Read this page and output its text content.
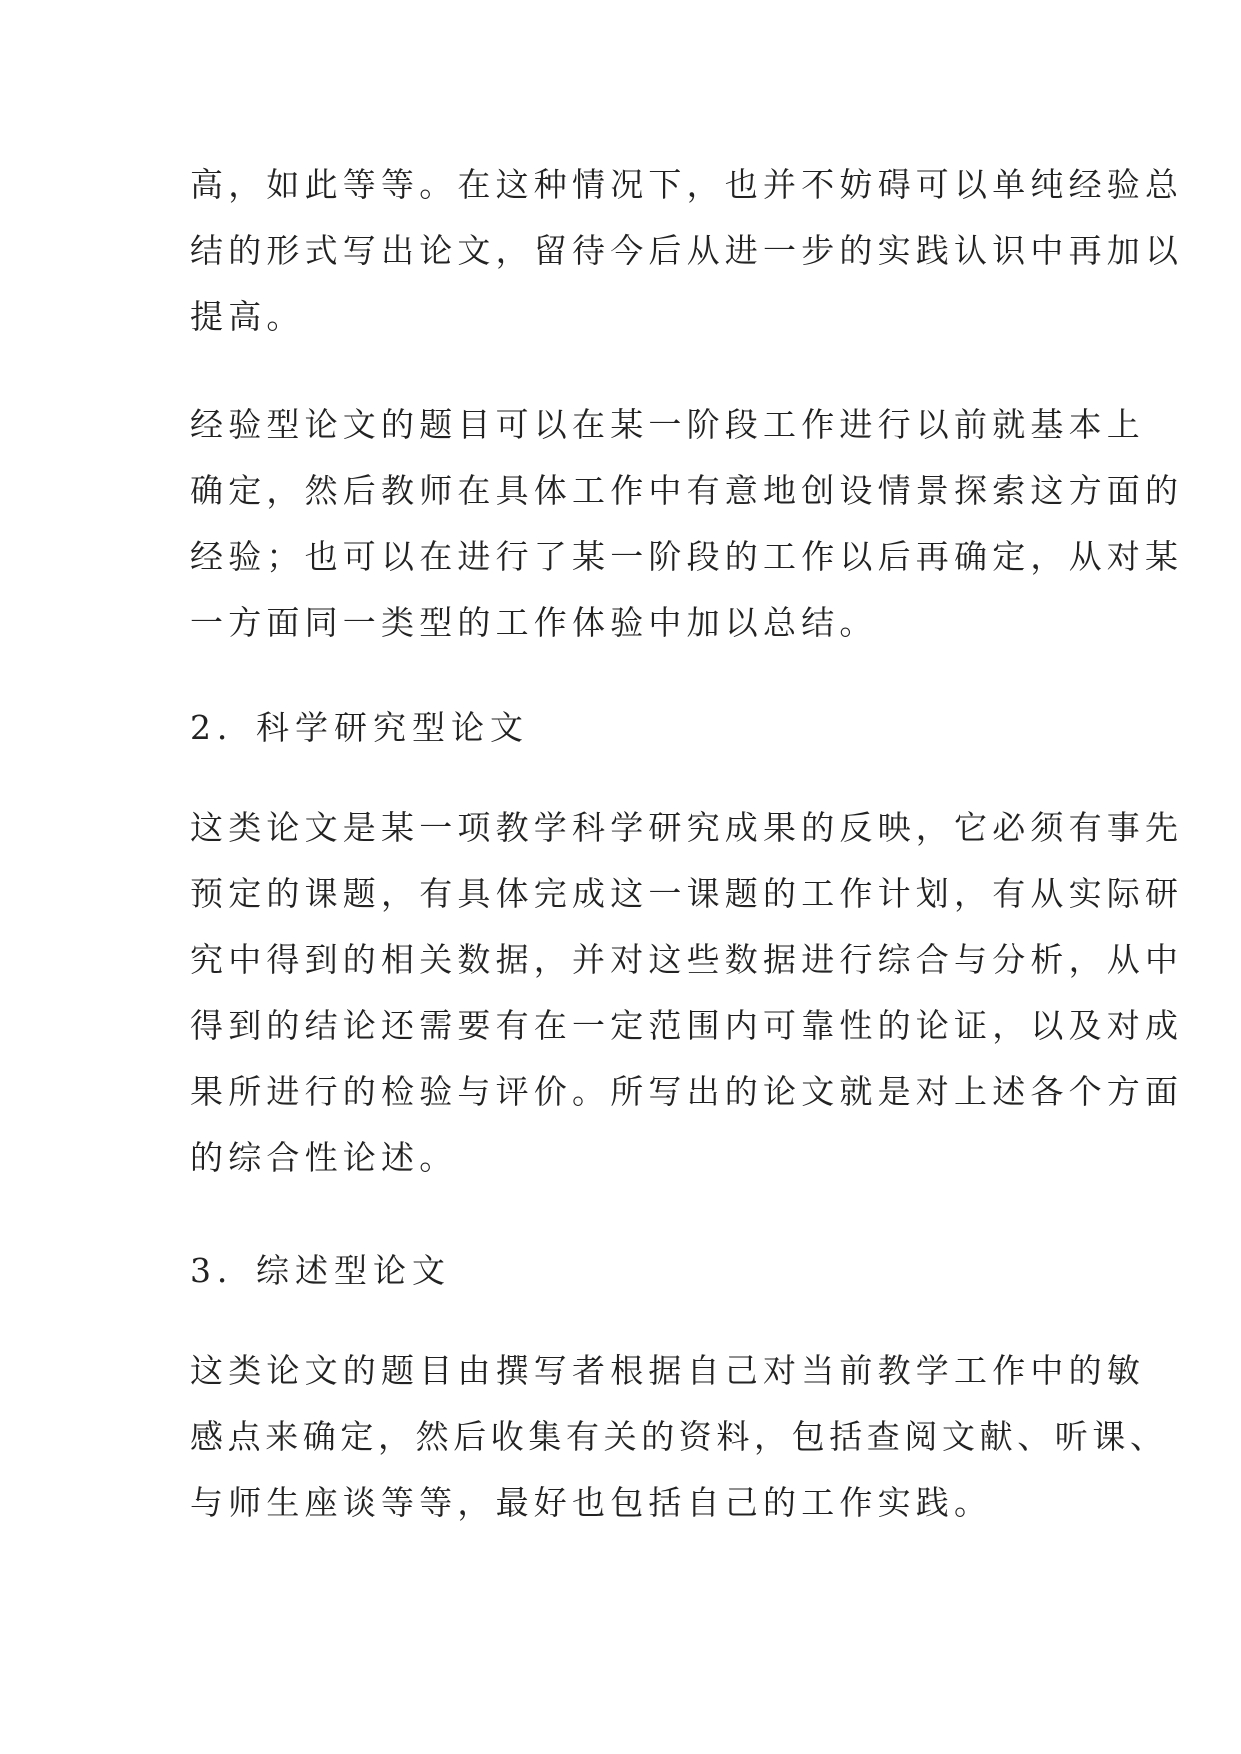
高，如此等等。在这种情况下，也并不妨碍可以单纯经验总
结的形式写出论文，留待今后从进一步的实践认识中再加以
提高。
经验型论文的题目可以在某一阶段工作进行以前就基本上
确定，然后教师在具体工作中有意地创设情景探索这方面的
经验；也可以在进行了某一阶段的工作以后再确定，从对某
一方面同一类型的工作体验中加以总结。
2．科学研究型论文
这类论文是某一项教学科学研究成果的反映，它必须有事先
预定的课题，有具体完成这一课题的工作计划，有从实际研
究中得到的相关数据，并对这些数据进行综合与分析，从中
得到的结论还需要有在一定范围内可靠性的论证，以及对成
果所进行的检验与评价。所写出的论文就是对上述各个方面
的综合性论述。
3．综述型论文
这类论文的题目由撰写者根据自己对当前教学工作中的敏
感点来确定，然后收集有关的资料，包括查阅文献、听课、
与师生座谈等等，最好也包括自己的工作实践。
